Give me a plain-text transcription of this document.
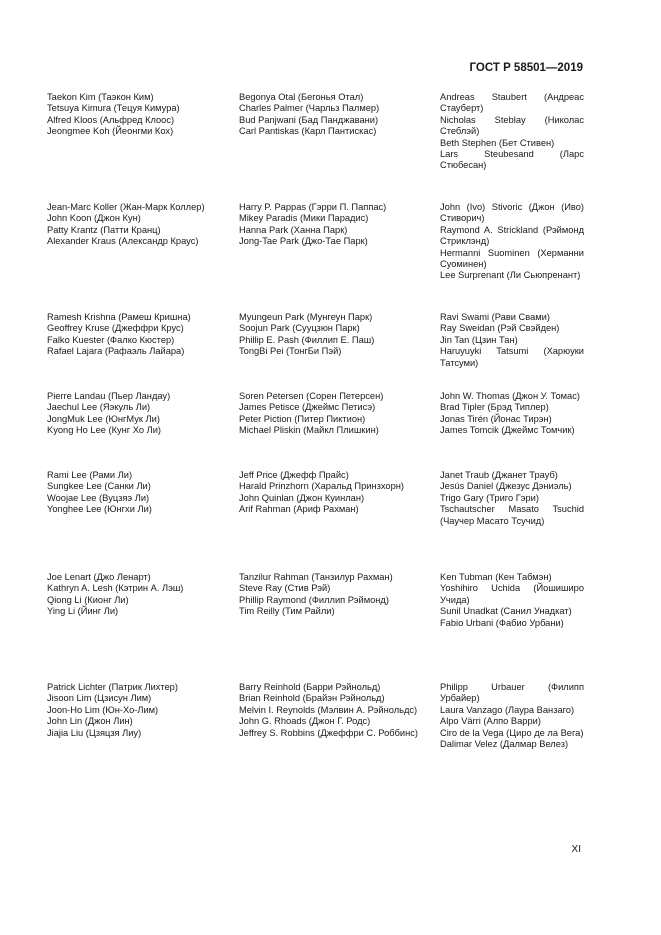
ГОСТ Р 58501—2019
Taekon Kim (Таэкон Ким)
Tetsuya Kimura (Тецуя Кимура)
Alfred Kloos (Альфред Клоос)
Jeongmee Koh (Йеонгми Кох)
Begonya Otal (Бегонья Отал)
Charles Palmer (Чарльз Палмер)
Bud Panjwani (Бад Панджавани)
Carl Pantiskas (Карл Пантискас)
Andreas Staubert (Андреас Стауберт)
Nicholas Steblay (Николас Стеблэй)
Beth Stephen (Бет Стивен)
Lars Steubesand (Ларс Стюбесан)
Jean-Marc Koller (Жан-Марк Коллер)
John Koon (Джон Кун)
Patty Krantz (Патти Кранц)
Alexander Kraus (Александр Краус)
Harry P. Pappas (Гэрри П. Паппас)
Mikey Paradis (Мики Парадис)
Hanna Park (Ханна Парк)
Jong-Tae Park (Джо-Тае Парк)
John (Ivo) Stivoric (Джон (Иво) Стиворич)
Raymond A. Strickland (Рэймонд Стриклэнд)
Hermanni Suominen (Херманни Суоминен)
Lee Surprenant (Ли Сьюпренант)
Ramesh Krishna (Рамеш Кришна)
Geoffrey Kruse (Джеффри Крус)
Falko Kuester (Фалко Кюстер)
Rafael Lajara (Рафаэль Лайара)
Myungeun Park (Мунгеун Парк)
Soojun Park (Сууцзюн Парк)
Phillip E. Pash (Филлип Е. Паш)
TongBi Pei (ТонгБи Пэй)
Ravi Swami (Рави Свами)
Ray Sweidan (Рэй Свэйден)
Jin Tan (Цзин Тан)
Haruyuyki Tatsumi (Харюуки Татсуми)
Pierre Landau (Пьер Ландау)
Jaechul Lee (Яэкуль Ли)
JongMuk Lee (ЮнгМук Ли)
Kyong Ho Lee (Кунг Хо Ли)
Soren Petersen (Сорен Петерсен)
James Petisce (Джеймс Петисэ)
Peter Piction (Питер Пиктион)
Michael Pliskin (Майкл Плишкин)
John W. Thomas (Джон У. Томас)
Brad Tipler (Брэд Типлер)
Jonas Tirén (Йонас Тирэн)
James Tomcik (Джеймс Томчик)
Rami Lee (Рами Ли)
Sungkee Lee (Санки Ли)
Woojae Lee (Вуцзяэ Ли)
Yonghee Lee (Юнгхи Ли)
Jeff Price (Джефф Прайс)
Harald Prinzhorn (Харальд Принзхорн)
John Quinlan (Джон Куинлан)
Arif Rahman (Ариф Рахман)
Janet Traub (Джанет Трауб)
Jesús Daniel (Джезус Дэниэль)
Trigo Gary (Триго Гэри)
Tschautscher Masato Tsuchid (Чаучер Масато Тсучид)
Joe Lenart (Джо Ленарт)
Kathryn A. Lesh (Кэтрин А. Лэш)
Qiong Li (Кионг Ли)
Ying Li (Йинг Ли)
Tanzilur Rahman (Танзилур Рахман)
Steve Ray (Стив Рэй)
Phillip Raymond (Филлип Рэймонд)
Tim Reilly (Тим Райли)
Ken Tubman (Кен Табмэн)
Yoshihiro Uchida (Йошиширо Учида)
Sunil Unadkat (Санил Унадкат)
Fabio Urbani (Фабио Урбани)
Patrick Lichter (Патрик Лихтер)
Jisoon Lim (Цзисун Лим)
Joon-Ho Lim (Юн-Хо-Лим)
John Lin (Джон Лин)
Jiajia Liu (Цзяцзя Лиу)
Barry Reinhold (Барри Рэйнольд)
Brian Reinhold (Брайэн Рэйнольд)
Melvin I. Reynolds (Мэлвин А. Рэйнольдс)
John G. Rhoads (Джон Г. Родс)
Jeffrey S. Robbins (Джеффри С. Роббинс)
Philipp Urbauer (Филипп Урбайер)
Laura Vanzago (Лаура Ванзаго)
Alpo Värri (Алпо Варри)
Ciro de la Vega (Циро де ла Вега)
Dalimar Velez (Далмар Велез)
XI
